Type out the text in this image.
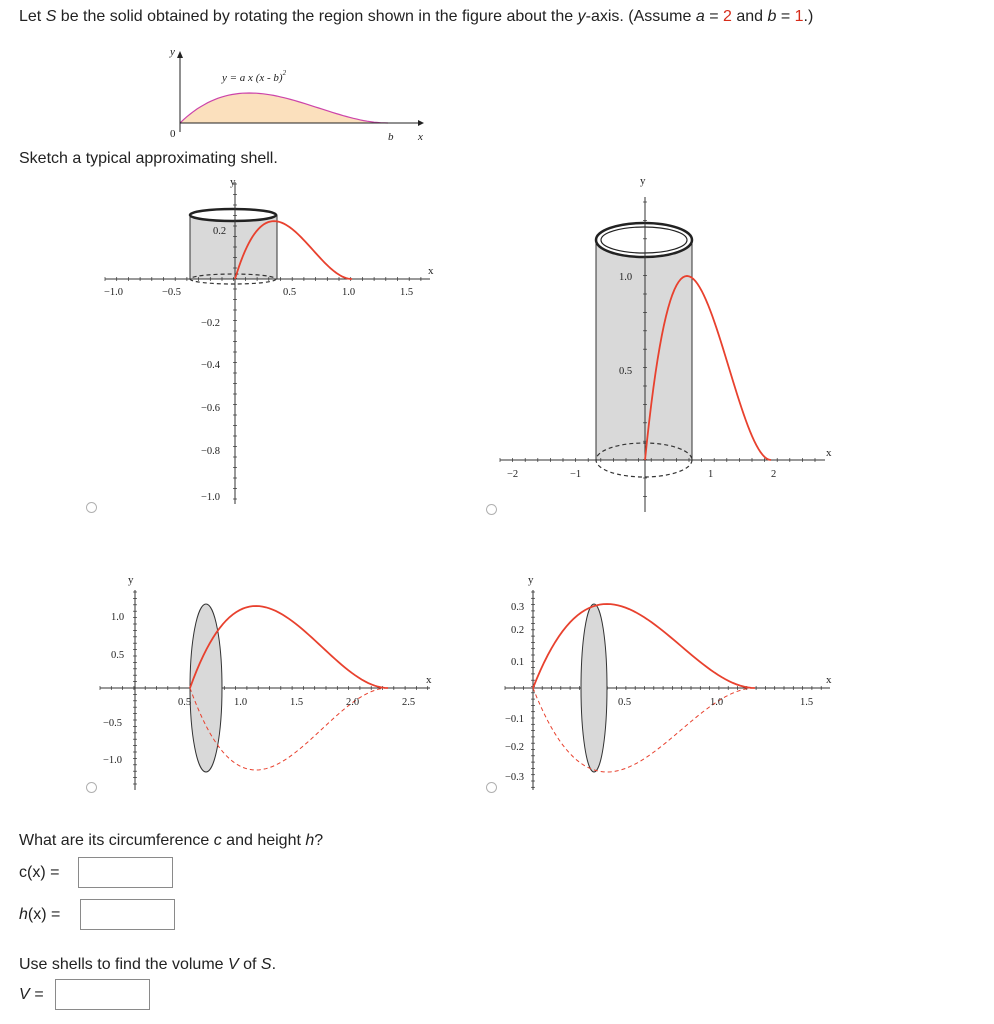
Let S be the solid obtained by rotating the region shown in the figure about the y-axis. (Assume a = 2 and b = 1.)
y
x
0	b
y = a x (x - b)$^2$
Sketch a typical approximating shell.
−1.0	−0.5	0.5	1.0	1.5
0.2
−0.2
−0.4
−0.6
−0.8
−1.0
x
y
−2	−1	1	2
1.0
0.5
x
y
0.5	1.0	1.5	2.0	2.5
1.0
0.5
−0.5
−1.0
x
y
0.5	1.0	1.5
0.3
0.2
0.1
−0.1
−0.2
−0.3
x
y
What are its circumference c and height h?
c(x) =
h(x) =
Use shells to find the volume V of S.
V =
